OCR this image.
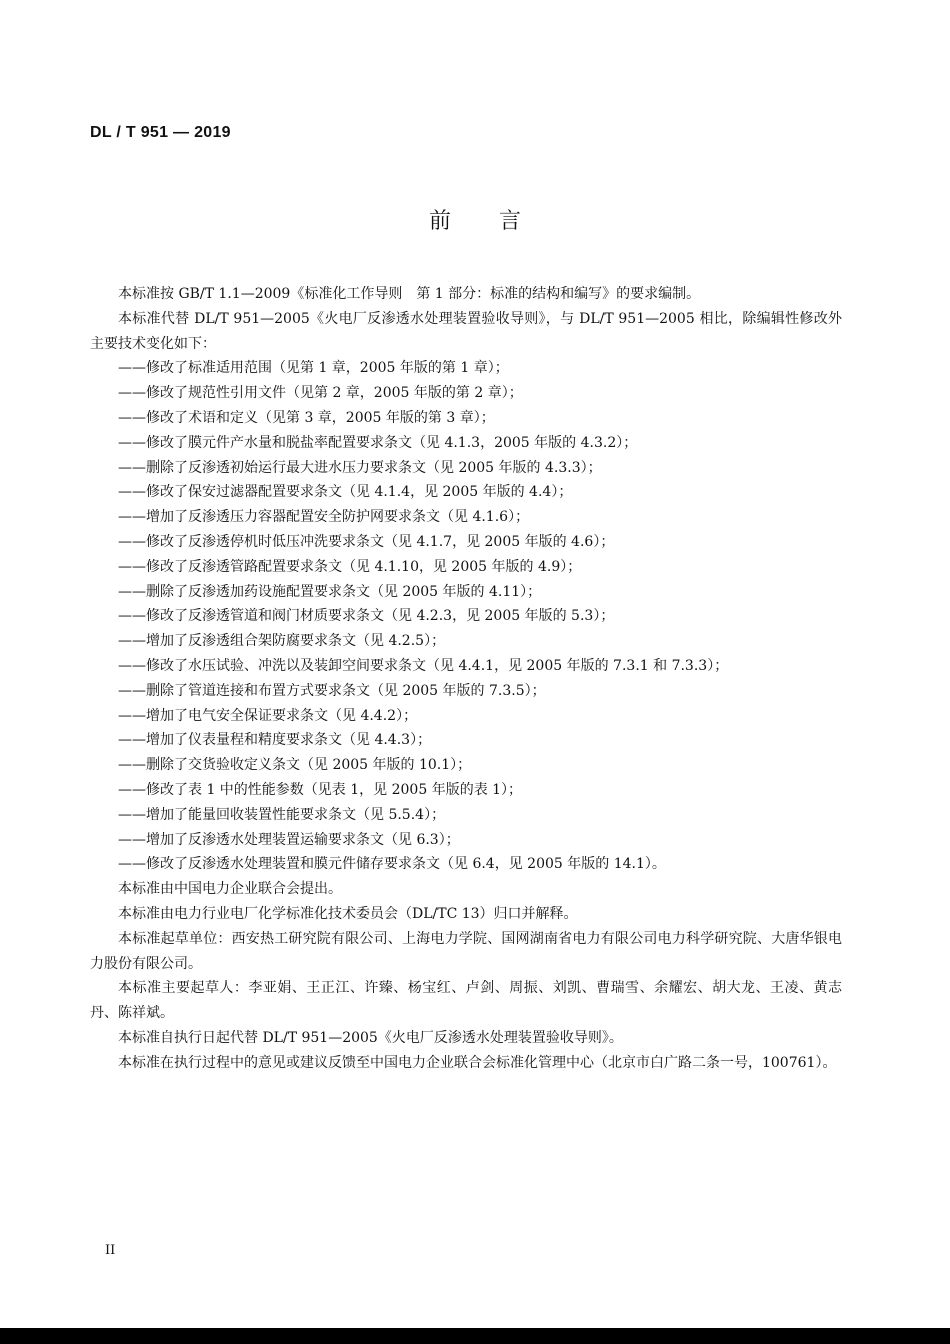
DL / T 951 — 2019
前言

本标准按 GB/T 1.1—2009《标准化工作导则　第 1 部分：标准的结构和编写》的要求编制。

本标准代替 DL/T 951—2005《火电厂反渗透水处理装置验收导则》，与 DL/T 951—2005 相比，除编辑性修改外主要技术变化如下：

——修改了标准适用范围（见第 1 章，2005 年版的第 1 章）；
——修改了规范性引用文件（见第 2 章，2005 年版的第 2 章）；
——修改了术语和定义（见第 3 章，2005 年版的第 3 章）；
——修改了膜元件产水量和脱盐率配置要求条文（见 4.1.3，2005 年版的 4.3.2）；
——删除了反渗透初始运行最大进水压力要求条文（见 2005 年版的 4.3.3）；
——修改了保安过滤器配置要求条文（见 4.1.4，见 2005 年版的 4.4）；
——增加了反渗透压力容器配置安全防护网要求条文（见 4.1.6）；
——修改了反渗透停机时低压冲洗要求条文（见 4.1.7，见 2005 年版的 4.6）；
——修改了反渗透管路配置要求条文（见 4.1.10，见 2005 年版的 4.9）；
——删除了反渗透加药设施配置要求条文（见 2005 年版的 4.11）；
——修改了反渗透管道和阀门材质要求条文（见 4.2.3，见 2005 年版的 5.3）；
——增加了反渗透组合架防腐要求条文（见 4.2.5）；
——修改了水压试验、冲洗以及装卸空间要求条文（见 4.4.1，见 2005 年版的 7.3.1 和 7.3.3）；
——删除了管道连接和布置方式要求条文（见 2005 年版的 7.3.5）；
——增加了电气安全保证要求条文（见 4.4.2）；
——增加了仪表量程和精度要求条文（见 4.4.3）；
——删除了交货验收定义条文（见 2005 年版的 10.1）；
——修改了表 1 中的性能参数（见表 1，见 2005 年版的表 1）；
——增加了能量回收装置性能要求条文（见 5.5.4）；
——增加了反渗透水处理装置运输要求条文（见 6.3）；
——修改了反渗透水处理装置和膜元件储存要求条文（见 6.4，见 2005 年版的 14.1）。

本标准由中国电力企业联合会提出。

本标准由电力行业电厂化学标准化技术委员会（DL/TC 13）归口并解释。

本标准起草单位：西安热工研究院有限公司、上海电力学院、国网湖南省电力有限公司电力科学研究院、大唐华银电力股份有限公司。

本标准主要起草人：李亚娟、王正江、许臻、杨宝红、卢剑、周振、刘凯、曹瑞雪、余耀宏、胡大龙、王凌、黄志丹、陈祥斌。

本标准自执行日起代替 DL/T 951—2005《火电厂反渗透水处理装置验收导则》。

本标准在执行过程中的意见或建议反馈至中国电力企业联合会标准化管理中心（北京市白广路二条一号，100761）。

II
